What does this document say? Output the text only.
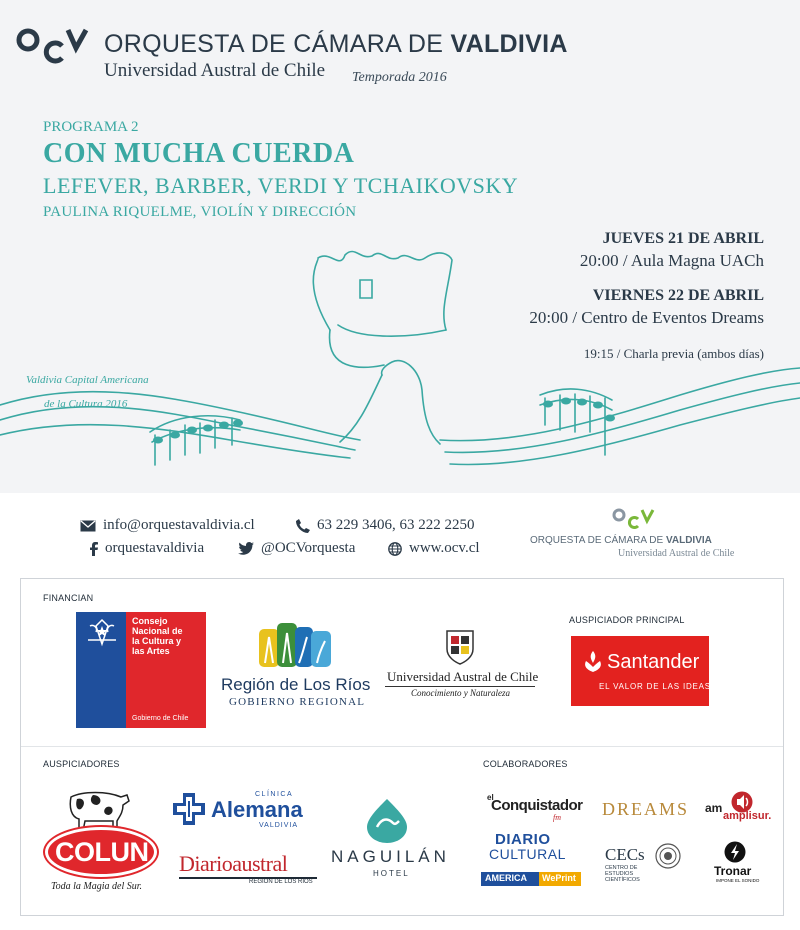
ORQUESTA DE CÁMARA DE VALDIVIA
Universidad Austral de Chile Temporada 2016
PROGRAMA 2
CON MUCHA CUERDA
LEFEVER, BARBER, VERDI Y TCHAIKOVSKY
PAULINA RIQUELME, VIOLÍN Y DIRECCIÓN
JUEVES 21 DE ABRIL
20:00 / Aula Magna UACh
VIERNES 22 DE ABRIL
20:00 / Centro de Eventos Dreams
19:15 / Charla previa (ambos días)
Valdivia Capital Americana
de la Cultura 2016
info@orquestavaldivia.cl	63 229 3406, 63 222 2250
orquestavaldivia	@OCVorquesta	www.ocv.cl	ORQUESTA DE CÁMARA DE VALDIVIA
Universidad Austral de Chile
FINANCIAN
AUSPICIADOR PRINCIPAL
AUSPICIADORES	COLABORADORES
Consejo
Nacional de
la Cultura y
las Artes
Gobierno de Chile
Región de Los Ríos
GOBIERNO REGIONAL
Universidad Austral de Chile
Conocimiento y Naturaleza
Santander
EL VALOR DE LAS IDEAS
COLUN
Toda la Magia del Sur.
CLÍNICA
Alemana
VALDIVIA
Diarioaustral
REGIÓN DE LOS RÍOS
NAGUILÁN
HOTEL
el
Conquistador
fm
DIARIO
CULTURAL
AMERICA WePrint
DREAMS
CECs
CENTRO DE ESTUDIOS CIENTÍFICOS
am
amplisur.
Tronar
IMPONE EL SONIDO
